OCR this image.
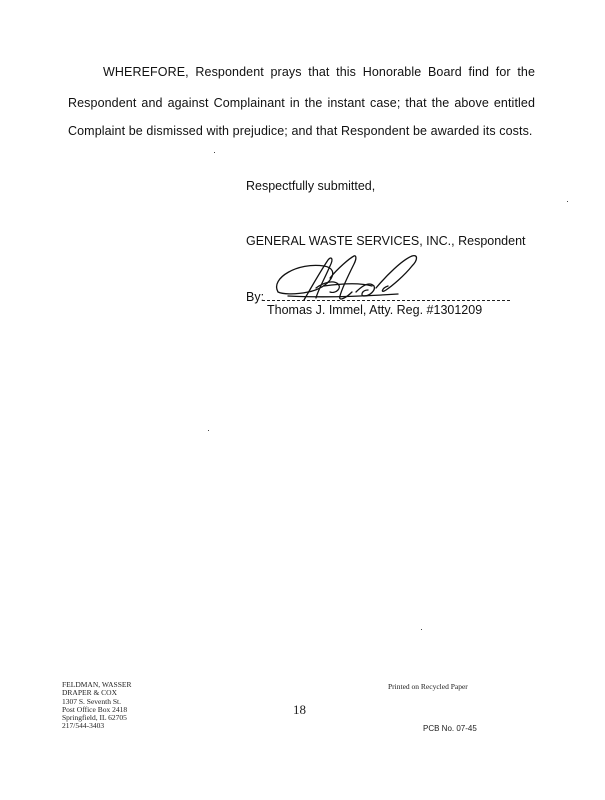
WHEREFORE, Respondent prays that this Honorable Board find for the
Respondent and against Complainant in the instant case; that the above entitled
Complaint be dismissed with prejudice; and that Respondent be awarded its costs.
Respectfully submitted,
GENERAL WASTE SERVICES, INC., Respondent
By:
Thomas J. Immel, Atty. Reg. #1301209
FELDMAN, WASSER
DRAPER & COX
1307 S. Seventh St.
Post Office Box 2418
Springfield, IL 62705
217/544-3403
Printed on Recycled Paper
18
PCB No. 07-45
